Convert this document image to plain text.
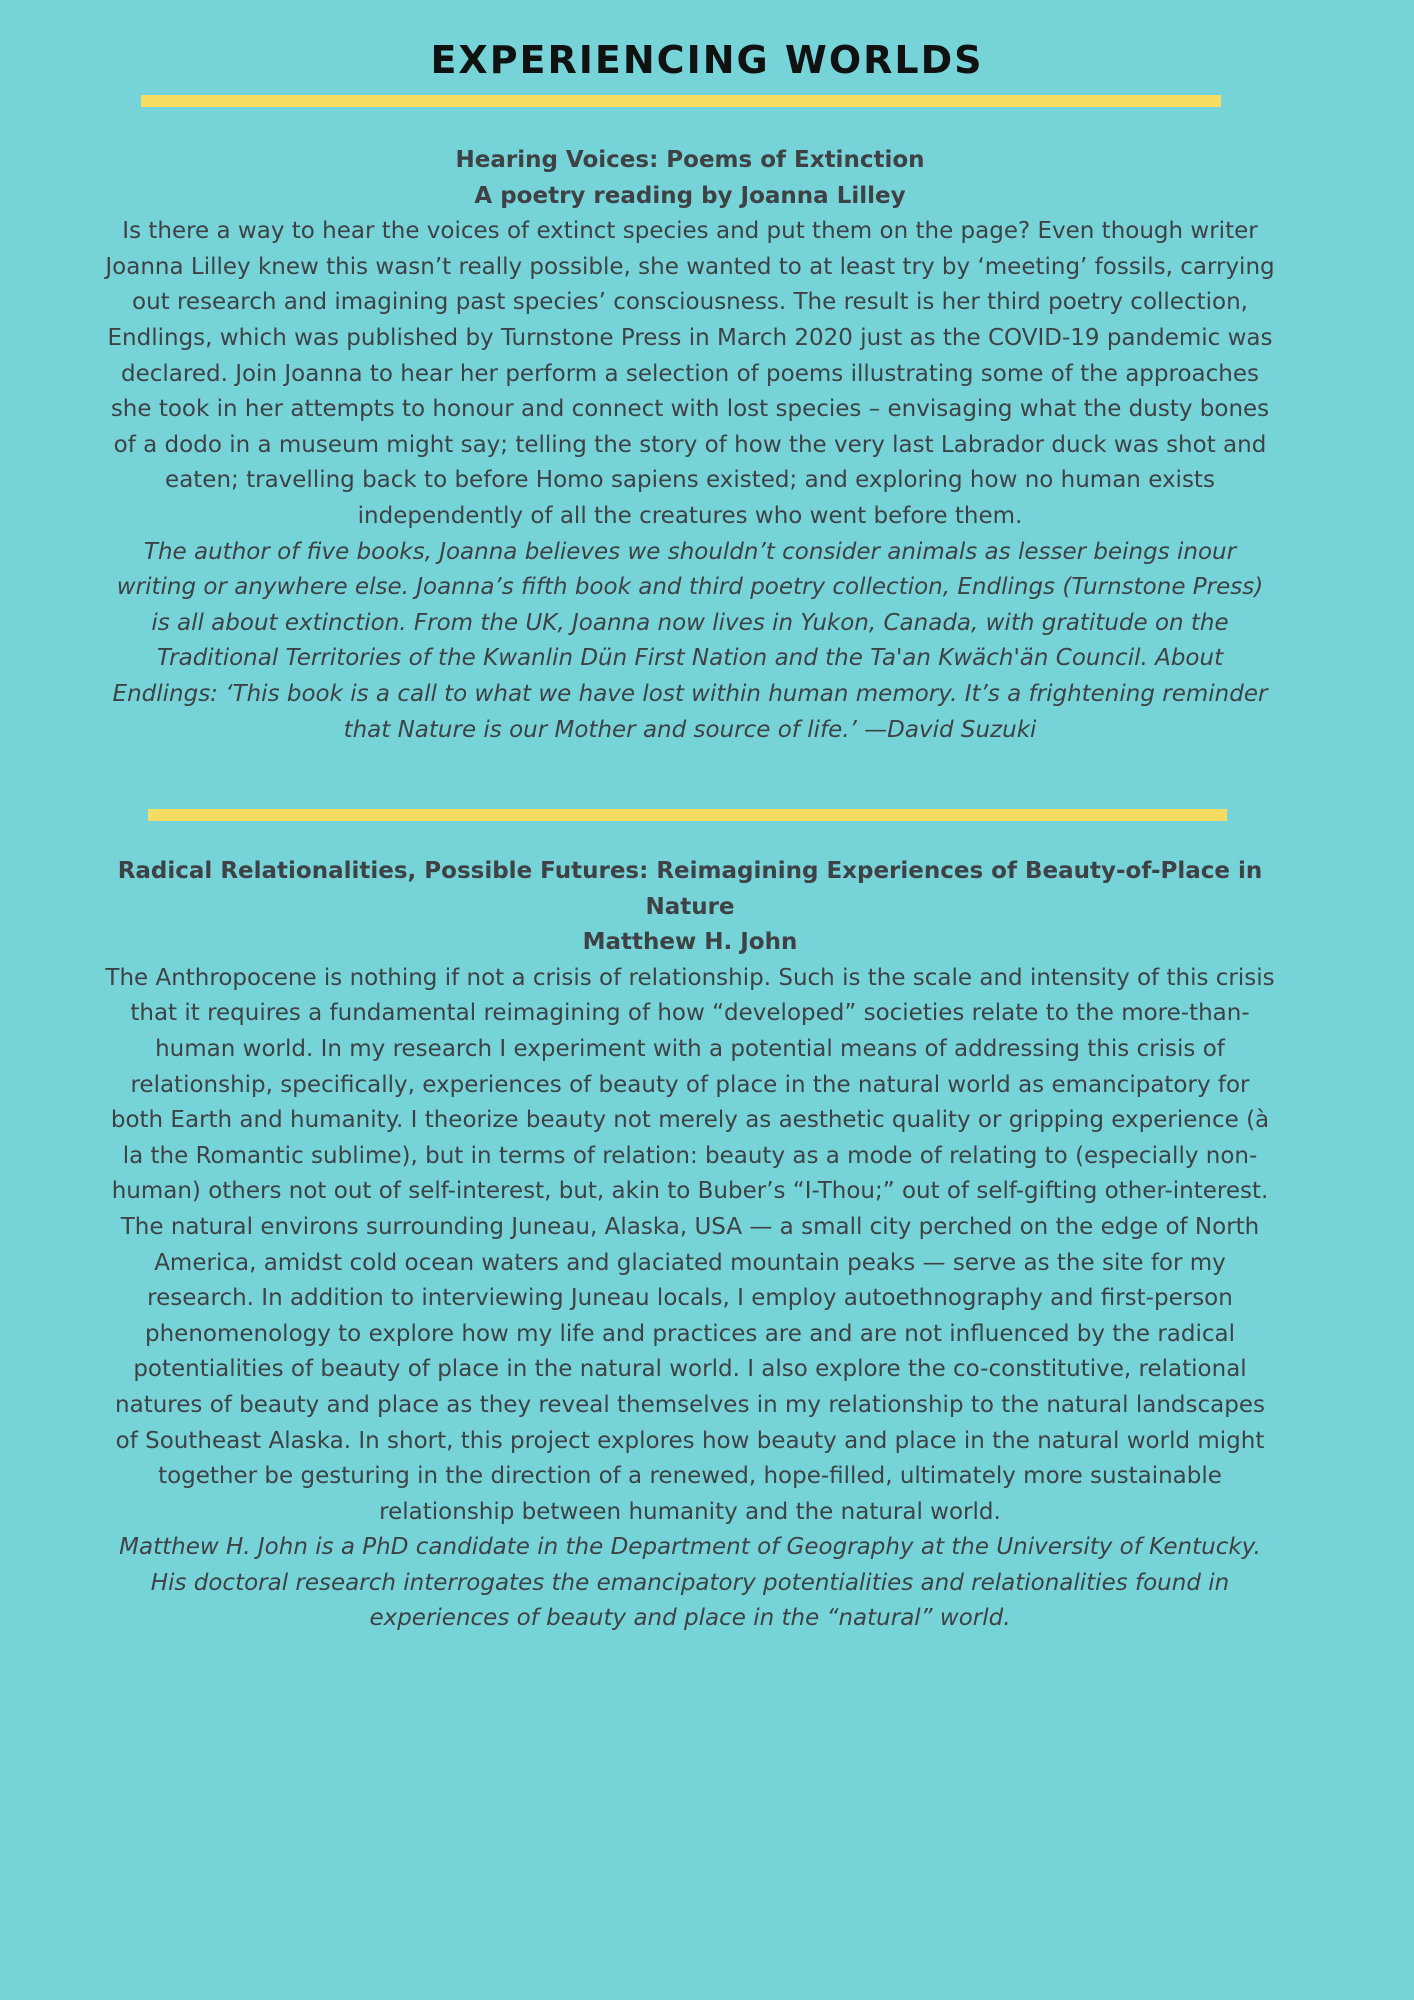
EXPERIENCING WORLDS

Hearing Voices: Poems of Extinction

A poetry reading by Joanna Lilley

Is there a way to hear the voices of extinct species and put them on the page? Even though writer Joanna Lilley knew this wasn’t really possible, she wanted to at least try by ‘meeting’ fossils, carrying out research and imagining past species’ consciousness. The result is her third poetry collection, Endlings, which was published by Turnstone Press in March 2020 just as the COVID-19 pandemic was declared. Join Joanna to hear her perform a selection of poems illustrating some of the approaches she took in her attempts to honour and connect with lost species – envisaging what the dusty bones of a dodo in a museum might say; telling the story of how the very last Labrador duck was shot and eaten; travelling back to before Homo sapiens existed; and exploring how no human exists independently of all the creatures who went before them.

The author of five books, Joanna believes we shouldn’t consider animals as lesser beings inour writing or anywhere else. Joanna’s fifth book and third poetry collection, Endlings (Turnstone Press) is all about extinction. From the UK, Joanna now lives in Yukon, Canada, with gratitude on the Traditional Territories of the Kwanlin Dün First Nation and the Ta'an Kwäch'än Council. About Endlings: ‘This book is a call to what we have lost within human memory. It’s a frightening reminder that Nature is our Mother and source of life.’ —David Suzuki

Radical Relationalities, Possible Futures: Reimagining Experiences of Beauty-of-Place in Nature

Matthew H. John

The Anthropocene is nothing if not a crisis of relationship. Such is the scale and intensity of this crisis that it requires a fundamental reimagining of how “developed” societies relate to the more-than-human world. In my research I experiment with a potential means of addressing this crisis of relationship, specifically, experiences of beauty of place in the natural world as emancipatory for both Earth and humanity. I theorize beauty not merely as aesthetic quality or gripping experience (à la the Romantic sublime), but in terms of relation: beauty as a mode of relating to (especially non-human) others not out of self-interest, but, akin to Buber’s “I-Thou;” out of self-gifting other-interest. The natural environs surrounding Juneau, Alaska, USA — a small city perched on the edge of North America, amidst cold ocean waters and glaciated mountain peaks — serve as the site for my research. In addition to interviewing Juneau locals, I employ autoethnography and first-person phenomenology to explore how my life and practices are and are not influenced by the radical potentialities of beauty of place in the natural world. I also explore the co-constitutive, relational natures of beauty and place as they reveal themselves in my relationship to the natural landscapes of Southeast Alaska. In short, this project explores how beauty and place in the natural world might together be gesturing in the direction of a renewed, hope-filled, ultimately more sustainable relationship between humanity and the natural world.

Matthew H. John is a PhD candidate in the Department of Geography at the University of Kentucky. His doctoral research interrogates the emancipatory potentialities and relationalities found in experiences of beauty and place in the “natural” world.
